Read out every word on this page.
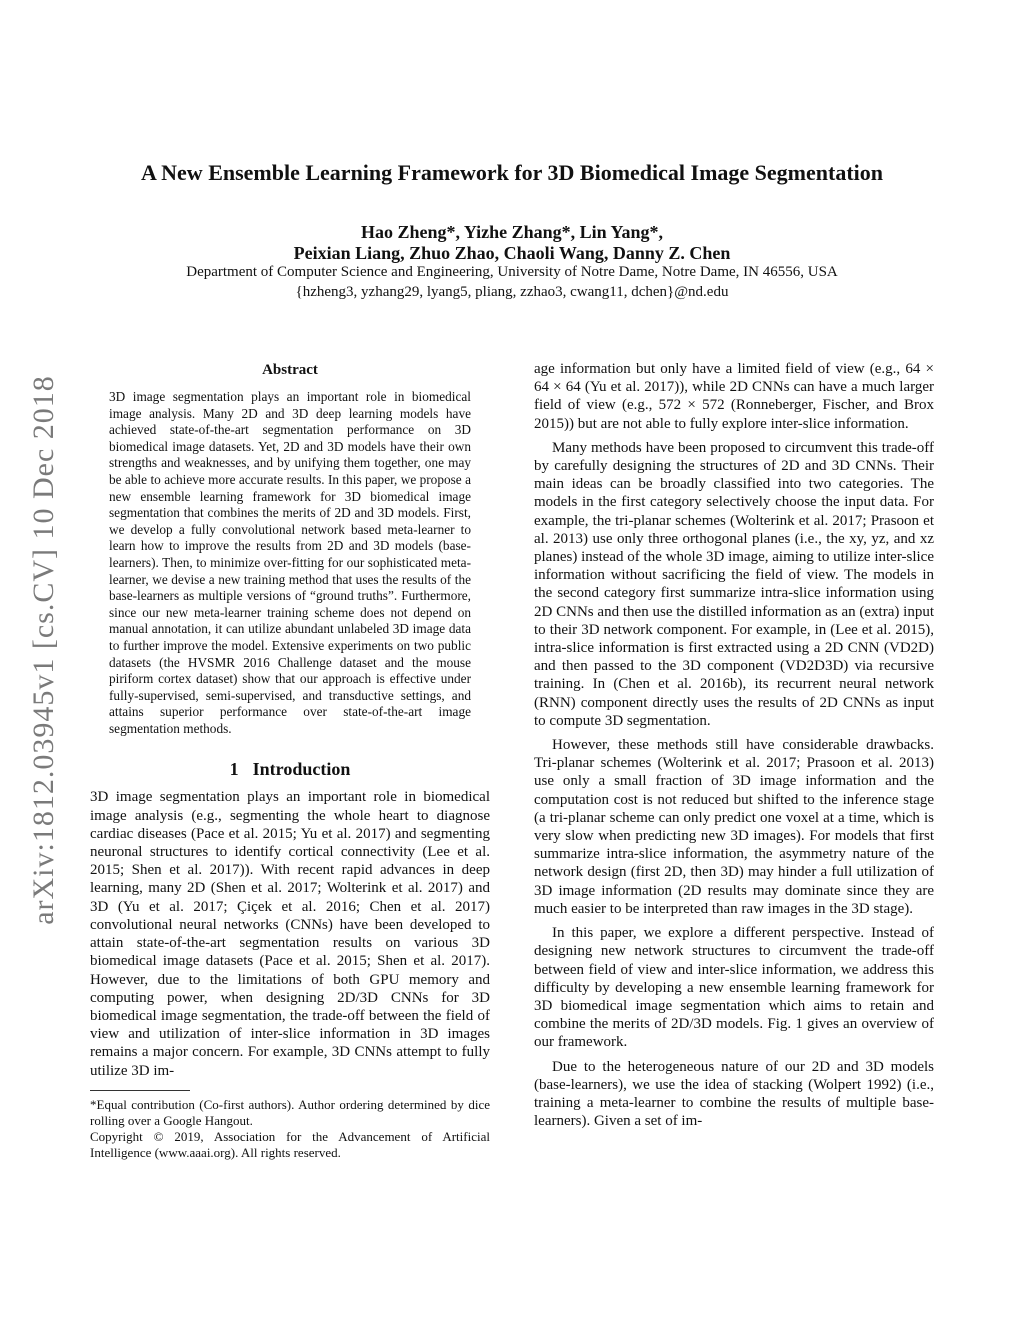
arXiv:1812.03945v1 [cs.CV] 10 Dec 2018
A New Ensemble Learning Framework for 3D Biomedical Image Segmentation
Hao Zheng*, Yizhe Zhang*, Lin Yang*,
Peixian Liang, Zhuo Zhao, Chaoli Wang, Danny Z. Chen
Department of Computer Science and Engineering, University of Notre Dame, Notre Dame, IN 46556, USA
{hzheng3, yzhang29, lyang5, pliang, zzhao3, cwang11, dchen}@nd.edu
Abstract

3D image segmentation plays an important role in biomedical image analysis. Many 2D and 3D deep learning models have achieved state-of-the-art segmentation performance on 3D biomedical image datasets. Yet, 2D and 3D models have their own strengths and weaknesses, and by unifying them together, one may be able to achieve more accurate results. In this paper, we propose a new ensemble learning framework for 3D biomedical image segmentation that combines the merits of 2D and 3D models. First, we develop a fully convolutional network based meta-learner to learn how to improve the results from 2D and 3D models (base-learners). Then, to minimize over-fitting for our sophisticated meta-learner, we devise a new training method that uses the results of the base-learners as multiple versions of “ground truths”. Furthermore, since our new meta-learner training scheme does not depend on manual annotation, it can utilize abundant unlabeled 3D image data to further improve the model. Extensive experiments on two public datasets (the HVSMR 2016 Challenge dataset and the mouse piriform cortex dataset) show that our approach is effective under fully-supervised, semi-supervised, and transductive settings, and attains superior performance over state-of-the-art image segmentation methods.

1 Introduction

3D image segmentation plays an important role in biomedical image analysis (e.g., segmenting the whole heart to diagnose cardiac diseases (Pace et al. 2015; Yu et al. 2017) and segmenting neuronal structures to identify cortical connectivity (Lee et al. 2015; Shen et al. 2017)). With recent rapid advances in deep learning, many 2D (Shen et al. 2017; Wolterink et al. 2017) and 3D (Yu et al. 2017; Çiçek et al. 2016; Chen et al. 2017) convolutional neural networks (CNNs) have been developed to attain state-of-the-art segmentation results on various 3D biomedical image datasets (Pace et al. 2015; Shen et al. 2017). However, due to the limitations of both GPU memory and computing power, when designing 2D/3D CNNs for 3D biomedical image segmentation, the trade-off between the field of view and utilization of inter-slice information in 3D images remains a major concern. For example, 3D CNNs attempt to fully utilize 3D im-

*Equal contribution (Co-first authors). Author ordering determined by dice rolling over a Google Hangout.

Copyright © 2019, Association for the Advancement of Artificial Intelligence (www.aaai.org). All rights reserved.

age information but only have a limited field of view (e.g., 64 × 64 × 64 (Yu et al. 2017)), while 2D CNNs can have a much larger field of view (e.g., 572 × 572 (Ronneberger, Fischer, and Brox 2015)) but are not able to fully explore inter-slice information.

Many methods have been proposed to circumvent this trade-off by carefully designing the structures of 2D and 3D CNNs. Their main ideas can be broadly classified into two categories. The models in the first category selectively choose the input data. For example, the tri-planar schemes (Wolterink et al. 2017; Prasoon et al. 2013) use only three orthogonal planes (i.e., the xy, yz, and xz planes) instead of the whole 3D image, aiming to utilize inter-slice information without sacrificing the field of view. The models in the second category first summarize intra-slice information using 2D CNNs and then use the distilled information as an (extra) input to their 3D network component. For example, in (Lee et al. 2015), intra-slice information is first extracted using a 2D CNN (VD2D) and then passed to the 3D component (VD2D3D) via recursive training. In (Chen et al. 2016b), its recurrent neural network (RNN) component directly uses the results of 2D CNNs as input to compute 3D segmentation.

However, these methods still have considerable drawbacks. Tri-planar schemes (Wolterink et al. 2017; Prasoon et al. 2013) use only a small fraction of 3D image information and the computation cost is not reduced but shifted to the inference stage (a tri-planar scheme can only predict one voxel at a time, which is very slow when predicting new 3D images). For models that first summarize intra-slice information, the asymmetry nature of the network design (first 2D, then 3D) may hinder a full utilization of 3D image information (2D results may dominate since they are much easier to be interpreted than raw images in the 3D stage).

In this paper, we explore a different perspective. Instead of designing new network structures to circumvent the trade-off between field of view and inter-slice information, we address this difficulty by developing a new ensemble learning framework for 3D biomedical image segmentation which aims to retain and combine the merits of 2D/3D models. Fig. 1 gives an overview of our framework.

Due to the heterogeneous nature of our 2D and 3D models (base-learners), we use the idea of stacking (Wolpert 1992) (i.e., training a meta-learner to combine the results of multiple base-learners). Given a set of im-
